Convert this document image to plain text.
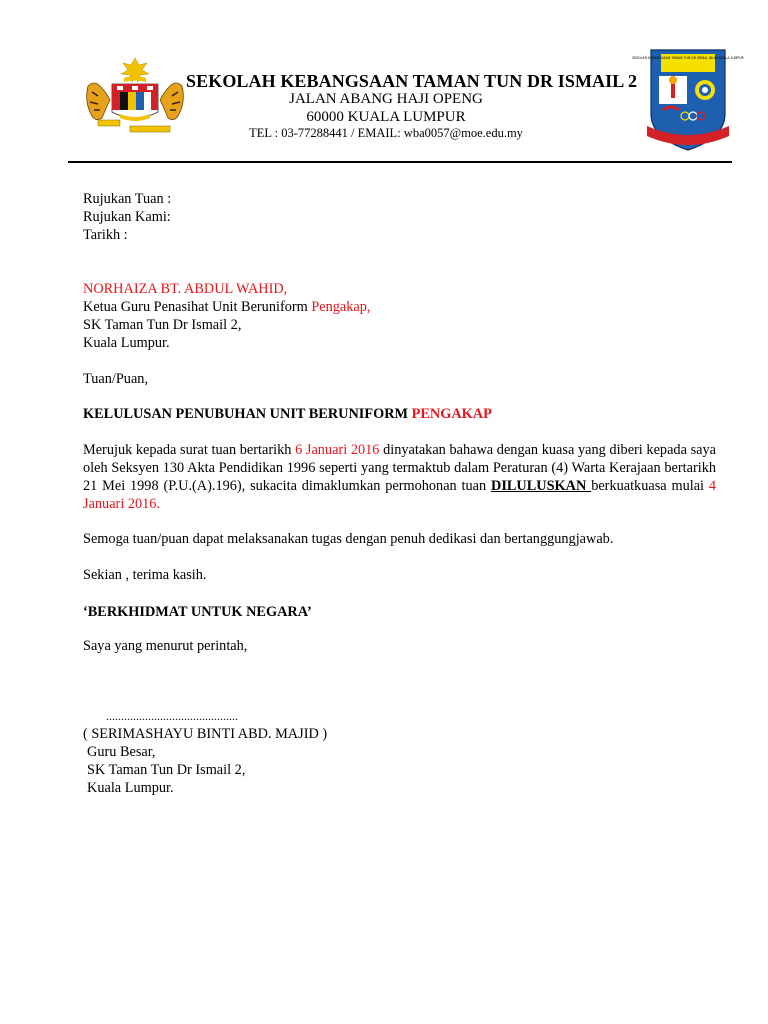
SEKOLAH KEBANGSAAN TAMAN TUN DR ISMAIL 2
JALAN ABANG HAJI OPENG
60000 KUALA LUMPUR
TEL : 03-77288441 / EMAIL: wba0057@moe.edu.my
SEKOLAH KEBANGSAAN TAMAN TUN DR ISMAIL (DUA) KUALA LUMPUR
Rujukan Tuan :
Rujukan Kami:
Tarikh :
NORHAIZA BT. ABDUL WAHID,
Ketua Guru Penasihat Unit Beruniform Pengakap,
SK Taman Tun Dr Ismail 2,
Kuala Lumpur.
Tuan/Puan,
KELULUSAN PENUBUHAN UNIT BERUNIFORM PENGAKAP
Merujuk kepada surat tuan bertarikh 6 Januari 2016 dinyatakan bahawa dengan kuasa yang diberi kepada saya oleh Seksyen 130 Akta Pendidikan 1996 seperti yang termaktub dalam Peraturan (4) Warta Kerajaan bertarikh 21 Mei 1998 (P.U.(A).196), sukacita dimaklumkan permohonan tuan DILULUSKAN berkuatkuasa mulai 4 Januari 2016.
Semoga tuan/puan dapat melaksanakan tugas dengan penuh dedikasi dan bertanggungjawab.
Sekian , terima kasih.
‘BERKHIDMAT UNTUK NEGARA’
Saya yang menurut perintah,
............................................
( SERIMASHAYU BINTI ABD. MAJID )
Guru Besar,
SK Taman Tun Dr Ismail 2,
Kuala Lumpur.
